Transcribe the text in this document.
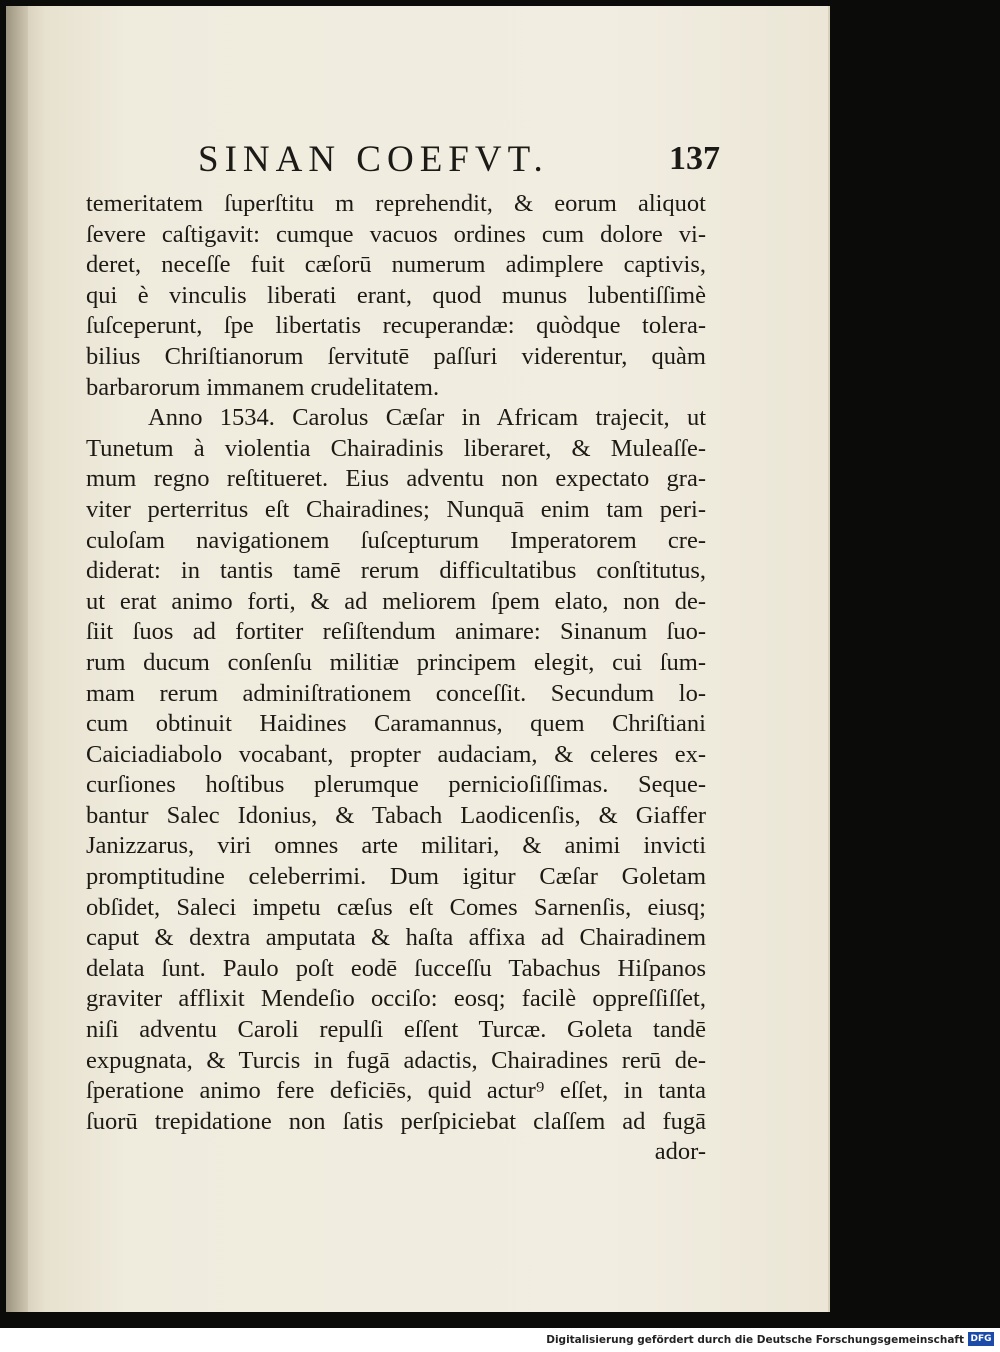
SINAN COEFVT.	137
temeritatem ſuperſtitu m reprehendit, & eorum aliquot
ſevere caſtigavit: cumque vacuos ordines cum dolore vi-
deret, neceſſe fuit cæſorū numerum adimplere captivis,
qui è vinculis liberati erant, quod munus lubentiſſimè
ſuſceperunt, ſpe libertatis recuperandæ: quòdque tolera-
bilius Chriſtianorum ſervitutē paſſuri viderentur, quàm
barbarorum immanem crudelitatem.
Anno 1534. Carolus Cæſar in Africam trajecit, ut
Tunetum à violentia Chairadinis liberaret, & Muleaſſe-
mum regno reſtitueret. Eius adventu non expectato gra-
viter perterritus eſt Chairadines; Nunquā enim tam peri-
culoſam navigationem ſuſcepturum Imperatorem cre-
diderat: in tantis tamē rerum difficultatibus conſtitutus,
ut erat animo forti, & ad meliorem ſpem elato, non de-
ſiit ſuos ad fortiter reſiſtendum animare: Sinanum ſuo-
rum ducum conſenſu militiæ principem elegit, cui ſum-
mam rerum adminiſtrationem conceſſit. Secundum lo-
cum obtinuit Haidines Caramannus, quem Chriſtiani
Caiciadiabolo vocabant, propter audaciam, & celeres ex-
curſiones hoſtibus plerumque pernicioſiſſimas. Seque-
bantur Salec Idonius, & Tabach Laodicenſis, & Giaffer
Janizzarus, viri omnes arte militari, & animi invicti
promptitudine celeberrimi. Dum igitur Cæſar Goletam
obſidet, Saleci impetu cæſus eſt Comes Sarnenſis, eiusq;
caput & dextra amputata & haſta affixa ad Chairadinem
delata ſunt. Paulo poſt eodē ſucceſſu Tabachus Hiſpanos
graviter afflixit Mendeſio occiſo: eosq; facilè oppreſſiſſet,
niſi adventu Caroli repulſi eſſent Turcæ. Goleta tandē
expugnata, & Turcis in fugā adactis, Chairadines rerū de-
ſperatione animo fere deficiēs, quid actur⁹ eſſet, in tanta
ſuorū trepidatione non ſatis perſpiciebat claſſem ad fugā
ador-
Digitalisierung gefördert durch die Deutsche Forschungsgemeinschaft DFG
